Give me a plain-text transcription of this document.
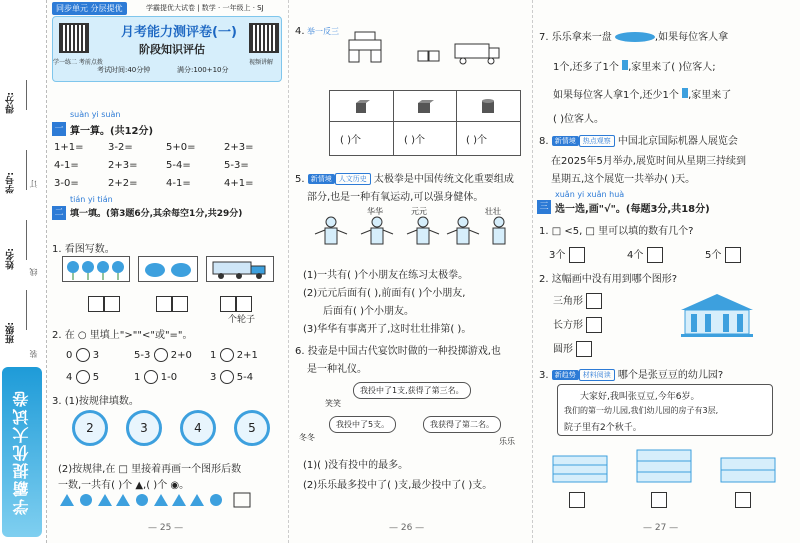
得分:
学号:
姓名:
班级:
订
线
装
学霸提优大试卷
同步单元 分层提优	学霸提优大试卷 | 数学 · 一年级上 · SJ
学一练二 考前点拨	视频讲解
月考能力测评卷(一)
阶段知识评估
考试时间:40分钟	满分:100+10分
suàn yi suàn
一 算一算。(共12分)
1+1= 3-2=	5+0=	2+3=
4-1=	2+3=	5-4=	5-3=
3-0=	2+2=	4-1=	4+1=
tián yi tián
二 填一填。(第3题6分,其余每空1分,共29分)
1. 看图写数。
个轮子
2. 在 ○ 里填上">""<"或"="。
0 3	5-3 2+0 1 2+1
4 5	1 1-0	3 5-4
3. (1)按规律填数。
2	3	4	5
(2)按规律,在 □ 里接着再画一个图形后数
一数,一共有( )个 ▲,( )个 ◉。
— 25 —
4. 举一反三
( )个	( )个	( )个
5. 新情境 人文历史 太极拳是中国传统文化重要组成
部分,也是一种有氧运动,可以强身健体。
华华	元元	壮壮
(1)一共有( )个小朋友在练习太极拳。
(2)元元后面有( ),前面有( )个小朋友,
后面有( )个小朋友。
(3)华华有事离开了,这时壮壮排第( )。
6. 投壶是中国古代宴饮时做的一种投掷游戏,也
是一种礼仪。
我投中了1支,获得了第三名。
笑笑
我投中了5支。	我获得了第二名。
冬冬	乐乐
(1)( )没有投中的最多。
(2)乐乐最多投中了( )支,最少投中了( )支。
— 26 —
7. 乐乐拿来一盘	,如果每位客人拿
1个,还多了1个 ,家里来了( )位客人;
如果每位客人拿1个,还少1个 ,家里来了
( )位客人。
8. 新情境 热点观察 中国北京国际机器人展览会
在2025年5月举办,展览时间从星期三持续到
星期五,这个展览一共举办( )天。
xuǎn yi xuǎn huà
三 选一选,画"√"。(每题3分,共18分)
1. □ <5, □ 里可以填的数有几个?
3个	4个	5个
2. 这幅画中没有用到哪个图形?
三角形
长方形
圆形
3. 新趋势 材料阅读 哪个是张豆豆的幼儿园?
大家好,我叫张豆豆,今年6岁。
我们的第一幼儿园,我们幼儿园的房子有3层,
院子里有2个秋千。
— 27 —
